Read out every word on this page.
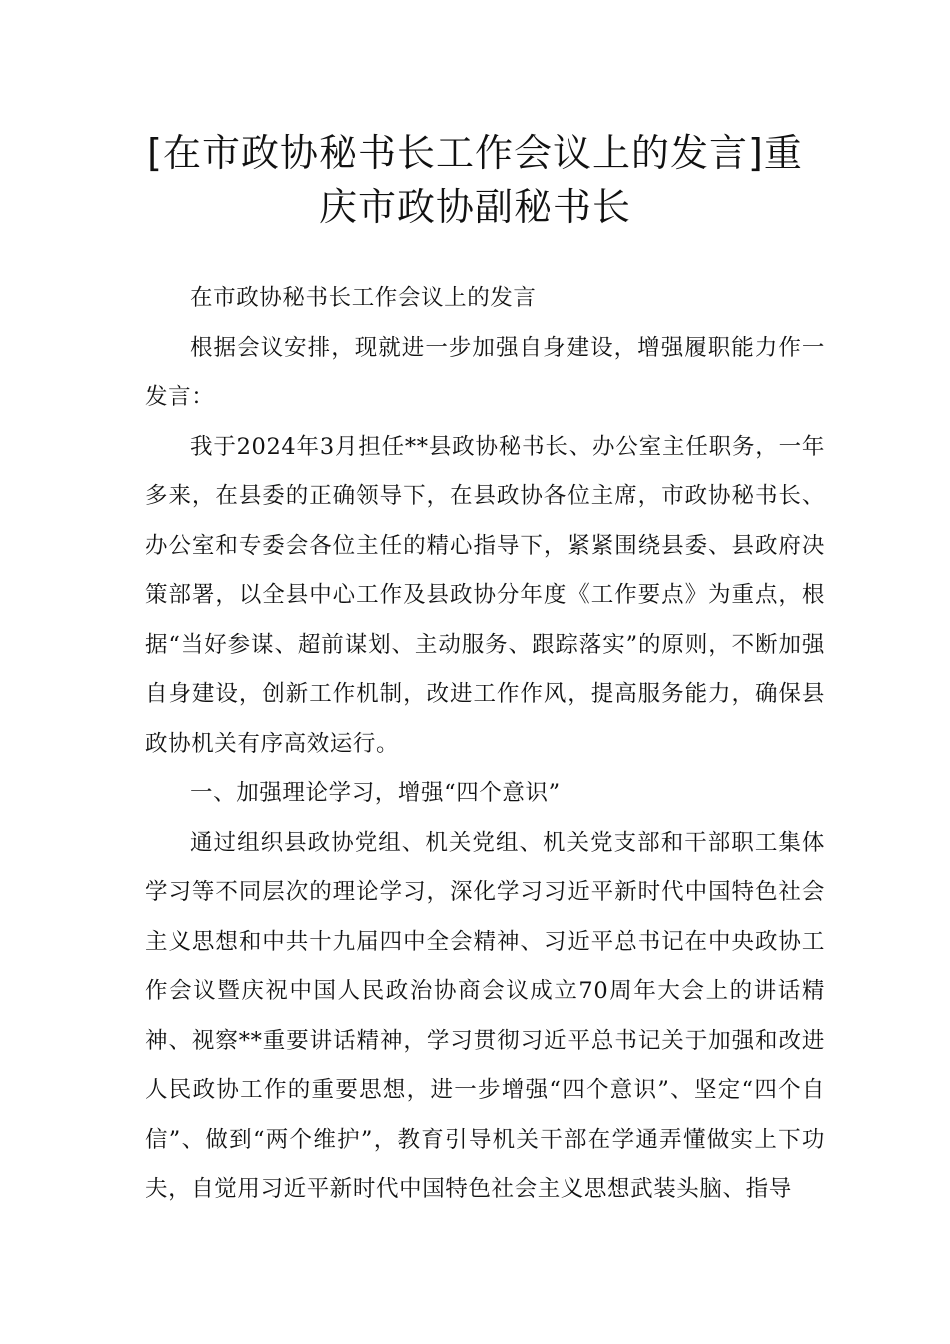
[在市政协秘书长工作会议上的发言]重
庆市政协副秘书长

在市政协秘书长工作会议上的发言

根据会议安排，现就进一步加强自身建设，增强履职能力作一发言：

我于2024年3月担任**县政协秘书长、办公室主任职务，一年多来，在县委的正确领导下，在县政协各位主席，市政协秘书长、办公室和专委会各位主任的精心指导下，紧紧围绕县委、县政府决策部署，以全县中心工作及县政协分年度《工作要点》为重点，根据“当好参谋、超前谋划、主动服务、跟踪落实”的原则，不断加强自身建设，创新工作机制，改进工作作风，提高服务能力，确保县政协机关有序高效运行。

一、加强理论学习，增强“四个意识”

通过组织县政协党组、机关党组、机关党支部和干部职工集体学习等不同层次的理论学习，深化学习习近平新时代中国特色社会主义思想和中共十九届四中全会精神、习近平总书记在中央政协工作会议暨庆祝中国人民政治协商会议成立70周年大会上的讲话精神、视察**重要讲话精神，学习贯彻习近平总书记关于加强和改进人民政协工作的重要思想，进一步增强“四个意识”、坚定“四个自信”、做到“两个维护”，教育引导机关干部在学通弄懂做实上下功夫，自觉用习近平新时代中国特色社会主义思想武装头脑、指导
